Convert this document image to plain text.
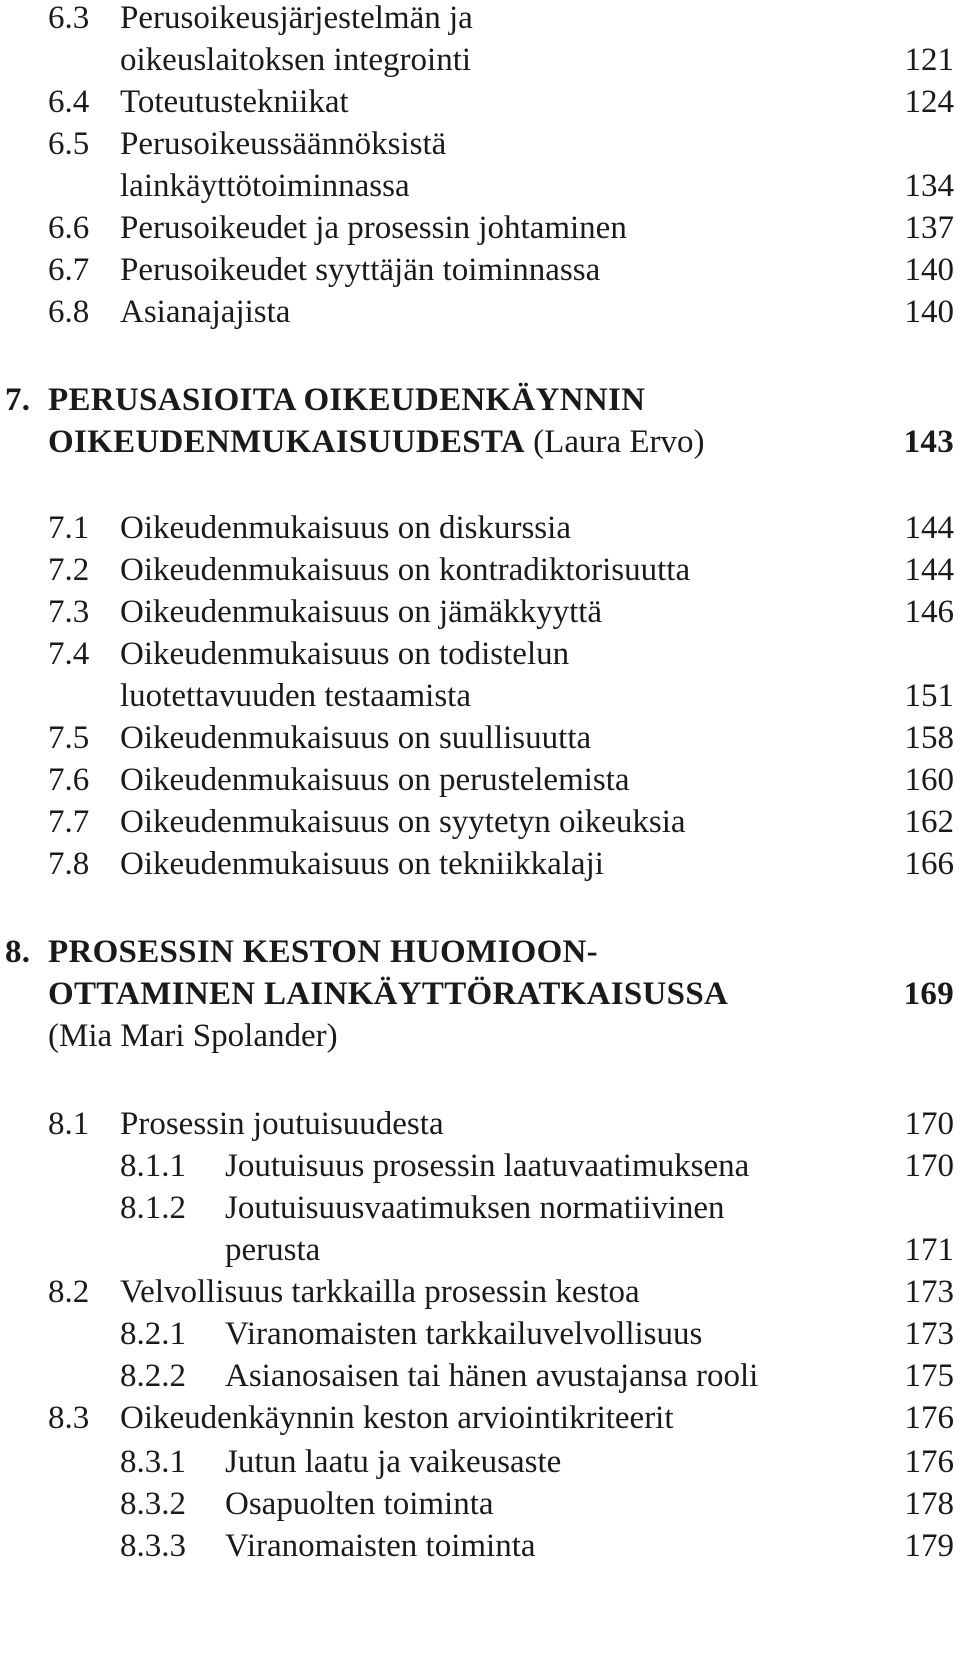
6.3 Perusoikeusjärjestelmän ja
oikeuslaitoksen integrointi	121
6.4 Toteutustekniikat	124
6.5 Perusoikeussäännöksistä
lainkäyttötoiminnassa	134
6.6 Perusoikeudet ja prosessin johtaminen	137
6.7 Perusoikeudet syyttäjän toiminnassa	140
6.8 Asianajajista	140
7. PERUSASIOITA OIKEUDENKÄYNNIN
OIKEUDENMUKAISUUDESTA (Laura Ervo)	143
7.1 Oikeudenmukaisuus on diskurssia	144
7.2 Oikeudenmukaisuus on kontradiktorisuutta	144
7.3 Oikeudenmukaisuus on jämäkkyyttä	146
7.4 Oikeudenmukaisuus on todistelun
luotettavuuden testaamista	151
7.5 Oikeudenmukaisuus on suullisuutta	158
7.6 Oikeudenmukaisuus on perustelemista	160
7.7 Oikeudenmukaisuus on syytetyn oikeuksia	162
7.8 Oikeudenmukaisuus on tekniikkalaji	166
8. PROSESSIN KESTON HUOMIOON-
OTTAMINEN LAINKÄYTTÖRATKAISUSSA	169
(Mia Mari Spolander)
8.1 Prosessin joutuisuudesta	170
8.1.1 Joutuisuus prosessin laatuvaatimuksena	170
8.1.2 Joutuisuusvaatimuksen normatiivinen
perusta	171
8.2 Velvollisuus tarkkailla prosessin kestoa	173
8.2.1 Viranomaisten tarkkailuvelvollisuus	173
8.2.2 Asianosaisen tai hänen avustajansa rooli	175
8.3 Oikeudenkäynnin keston arviointikriteerit	176
8.3.1 Jutun laatu ja vaikeusaste	176
8.3.2 Osapuolten toiminta	178
8.3.3 Viranomaisten toiminta	179
